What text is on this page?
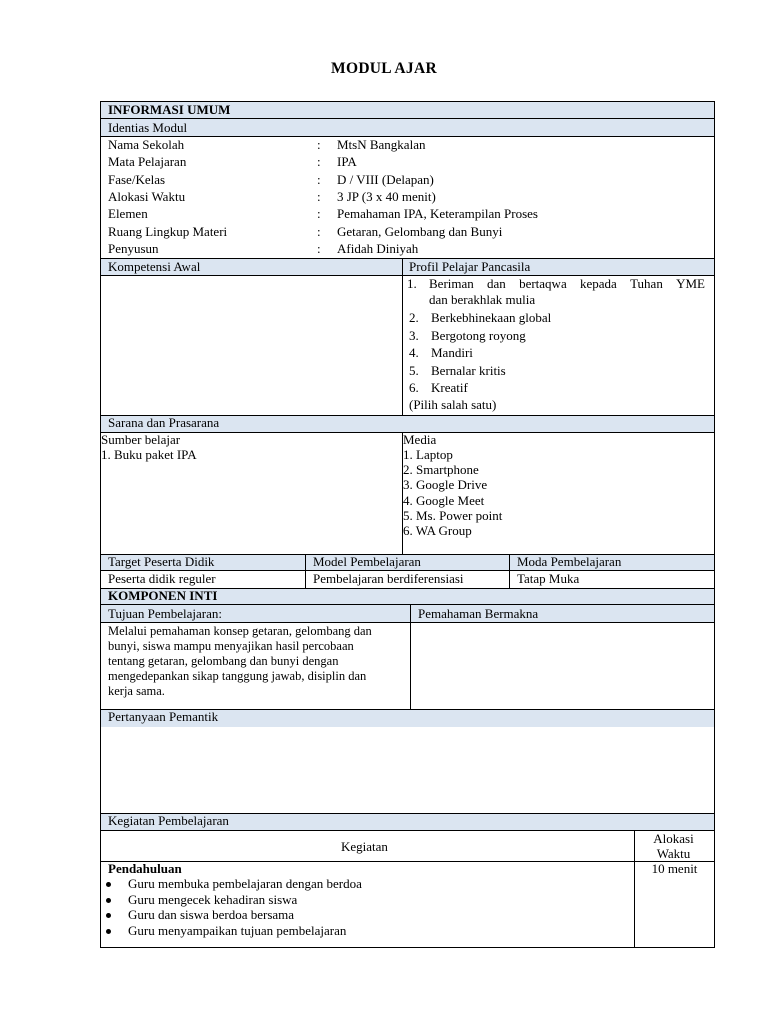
MODUL AJAR
INFORMASI UMUM
Identias Modul
Nama Sekolah	: MtsN Bangkalan
Mata Pelajaran	: IPA
Fase/Kelas	: D / VIII (Delapan)
Alokasi Waktu	: 3 JP (3 x 40 menit)
Elemen	: Pemahaman IPA, Keterampilan Proses
Ruang Lingkup Materi	: Getaran, Gelombang dan Bunyi
Penyusun	: Afidah Diniyah
Kompetensi Awal	Profil Pelajar Pancasila
1. Beriman dan bertaqwa kepada Tuhan YME
dan berakhlak mulia
2. Berkebhinekaan global
3. Bergotong royong
4. Mandiri
5. Bernalar kritis
6. Kreatif
(Pilih salah satu)
Sarana dan Prasarana
Sumber belajar
1. Buku paket IPA
Media
1. Laptop
2. Smartphone
3. Google Drive
4. Google Meet
5. Ms. Power point
6. WA Group
Target Peserta Didik	Model Pembelajaran	Moda Pembelajaran
Peserta didik reguler	Pembelajaran berdiferensiasi	Tatap Muka
KOMPONEN INTI
Tujuan Pembelajaran:	Pemahaman Bermakna
Melalui pemahaman konsep getaran, gelombang dan
bunyi, siswa mampu menyajikan hasil percobaan
tentang getaran, gelombang dan bunyi dengan
mengedepankan sikap tanggung jawab, disiplin dan
kerja sama.
Pertanyaan Pemantik
Kegiatan Pembelajaran
Kegiatan
Alokasi
Waktu
Pendahuluan	10 menit
Guru membuka pembelajaran dengan berdoa
Guru mengecek kehadiran siswa
Guru dan siswa berdoa bersama
Guru menyampaikan tujuan pembelajaran
